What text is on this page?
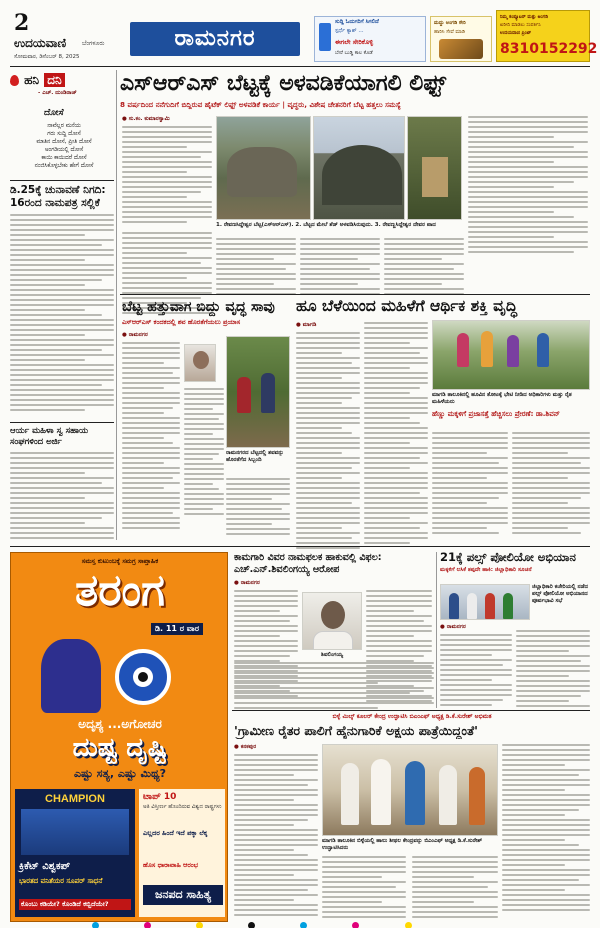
2
ಉದಯವಾಣಿ	ಬೆಂಗಳೂರು
ಸೋಮವಾರ, ಡಿಸೆಂಬರ್ 8, 2025
ರಾಮನಗರ
ಸುದ್ದಿ ಓದುಗರಿಗೆ ಸಿಗಲಿದೆ
ಸ್ಪರ್ಧೆ ಕ್ಯಾಶ್ ...
ಈಗಲೇ ಸೇರಿಕೊಳ್ಳಿ
ಬೇರೆ ಬುಡ್ಡಿ ಕಾಲ ಕೊಡೆ
ಮದ್ದು ಅಂಗಡಿ ಸೇರಿ
ಹಾರಿಸಿ ಸೇವೆ ಮಾಡಿ
ನಿಮ್ಮ ಕಂಪ್ಯೂಟರ್ ಮತ್ತು ಅಂಗಡಿ
ಖರೀದಿ ಮಾಡಲು ಸಂಪರ್ಕಿಸಿ
ಉದಯವಾಣಿ ಪ್ರಿಂಟ್
8310152292
ಹನಿ ದನಿ
- ಎಚ್. ದುಂಡಿರಾಜ್
ದೋಸೆ
ನಾವೆಲ್ಲರ ಮನೆಯ
ಗರು ಸುದ್ದಿ ದೋಸೆ
ಮಾತಿನ ದೋಸೆ, ಪ್ರೀತಿ ದೋಸೆ
ಅಂಗಡಿಯಲ್ಲಿ ದೋಸೆ
ಕಾಯಿ ಕಾಯಿದರೆ ದೋಸೆ
ನಂಜಿಸಿಕೊಳ್ಳಬೇಕು ಹೇಗೆ ದೋಸೆ
ಡಿ.25ಕ್ಕೆ ಚುನಾವಣೆ ನಿಗದಿ: 16ರಂದ ನಾಮಪತ್ರ ಸಲ್ಲಿಕೆ
ಆರ್ಯ ಮಹಿಳಾ ಸ್ವ ಸಹಾಯ ಸಂಘಗಳಿಂದ ಅರ್ಜಿ
ಎಸ್‌ಆರ್‌ಎಸ್ ಬೆಟ್ಟಕ್ಕೆ ಅಳವಡಿಕೆಯಾಗಲಿ ಲಿಫ್ಟ್
8 ವರ್ಷದಿಂದ ನನೆಗುದಿಗೆ ಬಿದ್ದಿರುವ ಹೈಟೆಕ್ ಲಿಫ್ಟ್ ಅಳವಡಿಕೆ ಕಾರ್ಯ | ವೃದ್ಧರು, ವಿಶೇಷ ಚೇತನರಿಗೆ ಬೆಟ್ಟ ಹತ್ತಲು ಸಮಸ್ಯೆ
● ಸು.ಕಂ. ಕುಮಾರಸ್ವಾಮಿ
1. ರೇವಣಸಿದ್ದೇಶ್ವರ ಬೆಟ್ಟ(ಎಸ್‌ಆರ್‌ಎಸ್). 2. ಬೆಟ್ಟದ ಮೇಲೆ ಶೆಡ್ ಅಳವಡಿಸಿರುವುದು. 3. ರೇವಣ್ಣಸಿದ್ದೇಶ್ವರ ದೇವರ ಪಾದ
ಬೆಟ್ಟ ಹತ್ತುವಾಗ ಬಿದ್ದು ವೃದ್ಧ ಸಾವು
ಎಸ್‌ಆರ್‌ಎಸ್ ಕಂದಕದಲ್ಲಿ ಶವ ಹೊರತೆಗೆಯಲು ಪ್ರಯಾಸ
● ರಾಮನಗರ
ರಾಮನಗರದ ಬೆಟ್ಟದಲ್ಲಿ ಶವವನ್ನು ಹೊರತೆಗೆದ ಸಿಬ್ಬಂದಿ
ಹೂ ಬೆಳೆಯಿಂದ ಮಹಿಳೆಗೆ ಆರ್ಥಿಕ ಶಕ್ತಿ ವೃದ್ಧಿ
● ಮಾಗಡಿ
ಮಾಗಡಿ ತಾಲೂಕಿನಲ್ಲಿ ಹೂವಿನ ತೋಟಕ್ಕೆ ಭೇಟಿ ನೀಡಿದ ಅಧಿಕಾರಿಗಳು ಮತ್ತು ರೈತ ಮಹಿಳೆಯರು
ಹೆಣ್ಣು ಮಕ್ಕಳಿಗೆ ಪ್ರಜಾಸತ್ತೆ ಹೆಚ್ಚಿಸಲು ಪ್ರೇರಣೆ: ಡಾ.ಶಿವನ್
ಸಮಸ್ತ ಕುಟುಂಬಕ್ಕೆ ಸಮಗ್ರ ಸಾಪ್ತಾಹಿಕ
ತರಂಗ
ಡಿ. 11 ರ ವಾರ
ಅದೃಶ್ಯ ...ಅಗೋಚರ
ದುಷ್ಟ ದೃಷ್ಟಿ
ಎಷ್ಟು ಸತ್ಯ, ಎಷ್ಟು ಮಿಥ್ಯ?
CHAMPION
ಕ್ರಿಕೆಟ್ ವಿಶ್ವಕಪ್
ಭಾರತದ ವನಿತೆಯರ ಸೂಪರ್ ಸಾಧನೆ
ಕೊಂಬು ಕಡಿಯೇ? ಕೊಂಡಿದೆ ಕಬ್ಬಿದೆಯೇ?
ಟಾಪ್ 10
ಅತಿ ವಿಸ್ತೀರ್ಣ ಹೊಂದಿರುವ ವಿಶ್ವದ ರಾಷ್ಟ್ರಗಳು
ಎಲ್ಲದರ ಹಿಂದೆ ಇದೆ ಪಕ್ಕಾ ಲೆಕ್ಕ
ಹೊಸ ಧಾರಾವಾಹಿ ಆರಂಭ
ಜನಪದ ಸಾಹಿತ್ಯ
ಕಾಮಗಾರಿ ವಿವರ ನಾಮಫಲಕ ಹಾಕುವಲ್ಲಿ ವಿಫಲ: ಎಚ್.ಎನ್.ಶಿವಲಿಂಗಯ್ಯ ಆರೋಪ
● ರಾಮನಗರ
ಶಿವಲಿಂಗಯ್ಯ
21ಕ್ಕೆ ಪಲ್ಸ್ ಪೋಲಿಯೋ ಅಭಿಯಾನ
ಮಕ್ಕಳಿಗೆ ಲಸಿಕೆ ತಪ್ಪದೇ ಹಾಕಿ: ಜಿಲ್ಲಾಧಿಕಾರಿ ಸೂಚನೆ
ಜಿಲ್ಲಾಧಿಕಾರಿ ಕಚೇರಿಯಲ್ಲಿ ನಡೆದ ಪಲ್ಸ್ ಪೋಲಿಯೋ ಅಭಿಯಾನದ ಪೂರ್ವಭಾವಿ ಸಭೆ
● ರಾಮನಗರ
ಬಿಳ್ಳೆ ಮಿಲ್ಕ್ ಕೂಲರ್‌ ಕೇಂದ್ರ ಉದ್ಘಾಟಿಸಿ ಬಿಎಂಎಫ್ ಅಧ್ಯಕ್ಷ ಡಿ.ಕೆ.ಸುರೇಶ್ ಅಭಿಮತ
'ಗ್ರಾಮೀಣ ರೈತರ ಪಾಲಿಗೆ ಹೈನುಗಾರಿಕೆ ಅಕ್ಷಯ ಪಾತ್ರೆಯಿದ್ದಂತೆ'
● ಕನಕಪುರ
ಮಾಗಡಿ ತಾಲೂಕಿನ ಬಿಳ್ಳೆಯಲ್ಲಿ ಹಾಲು ಶೀಥಲ ಕೇಂದ್ರವನ್ನು ಬಿಎಂಎಫ್ ಅಧ್ಯಕ್ಷ ಡಿ.ಕೆ.ಸುರೇಶ್ ಉದ್ಘಾಟಿಸಿದರು
